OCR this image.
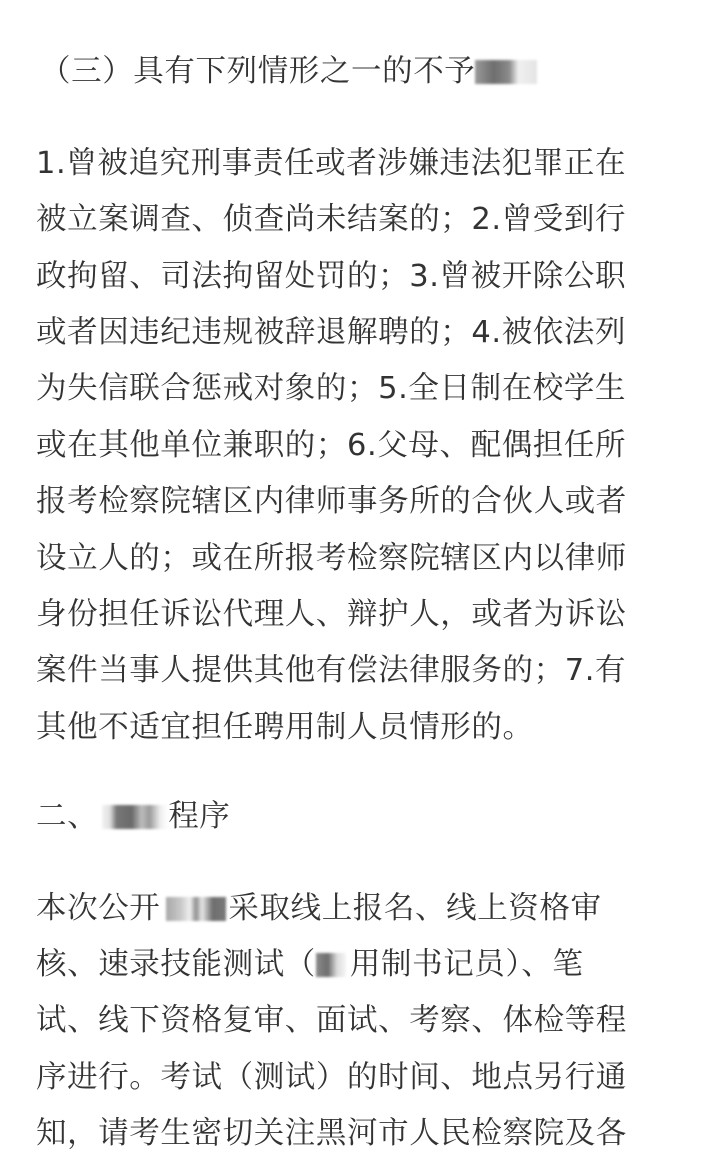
（三）具有下列情形之一的不予
1.曾被追究刑事责任或者涉嫌违法犯罪正在
被立案调查、侦查尚未结案的；2.曾受到行
政拘留、司法拘留处罚的；3.曾被开除公职
或者因违纪违规被辞退解聘的；4.被依法列
为失信联合惩戒对象的；5.全日制在校学生
或在其他单位兼职的；6.父母、配偶担任所
报考检察院辖区内律师事务所的合伙人或者
设立人的；或在所报考检察院辖区内以律师
身份担任诉讼代理人、辩护人，或者为诉讼
案件当事人提供其他有偿法律服务的；7.有
其他不适宜担任聘用制人员情形的。
二、 程序
本次公开 采取线上报名、线上资格审
核、速录技能测试（ 用制书记员）、笔
试、线下资格复审、面试、考察、体检等程
序进行。考试（测试）的时间、地点另行通
知，请考生密切关注黑河市人民检察院及各
